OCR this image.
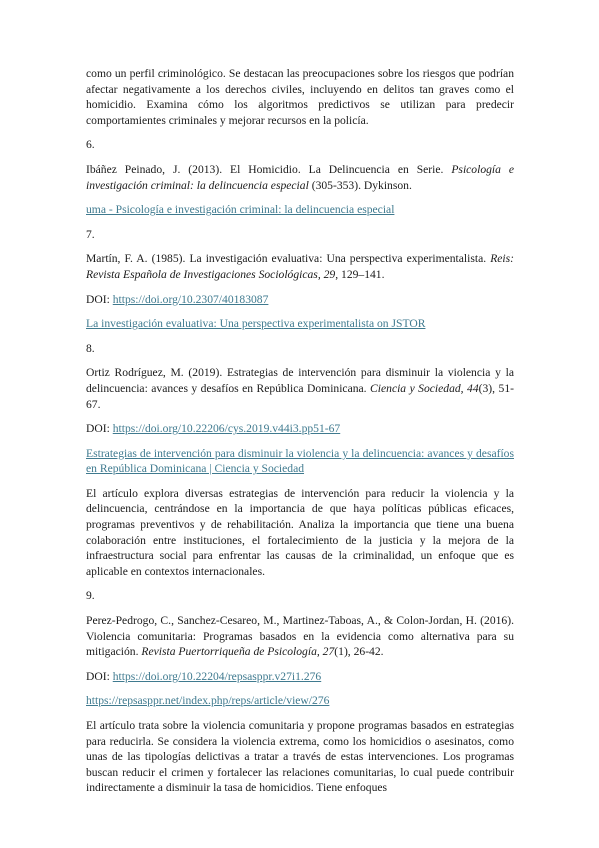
como un perfil criminológico. Se destacan las preocupaciones sobre los riesgos que podrían afectar negativamente a los derechos civiles, incluyendo en delitos tan graves como el homicidio. Examina cómo los algoritmos predictivos se utilizan para predecir comportamientes criminales y mejorar recursos en la policía.

6.

Ibáñez Peinado, J. (2013). El Homicidio. La Delincuencia en Serie. Psicología e investigación criminal: la delincuencia especial (305-353). Dykinson.

uma - Psicología e investigación criminal: la delincuencia especial

7.

Martín, F. A. (1985). La investigación evaluativa: Una perspectiva experimentalista. Reis: Revista Española de Investigaciones Sociológicas, 29, 129–141.

DOI: https://doi.org/10.2307/40183087

La investigación evaluativa: Una perspectiva experimentalista on JSTOR

8.

Ortiz Rodríguez, M. (2019). Estrategias de intervención para disminuir la violencia y la delincuencia: avances y desafíos en República Dominicana. Ciencia y Sociedad, 44(3), 51-67.

DOI: https://doi.org/10.22206/cys.2019.v44i3.pp51-67

Estrategias de intervención para disminuir la violencia y la delincuencia: avances y desafíos en República Dominicana | Ciencia y Sociedad

El artículo explora diversas estrategias de intervención para reducir la violencia y la delincuencia, centrándose en la importancia de que haya políticas públicas eficaces, programas preventivos y de rehabilitación. Analiza la importancia que tiene una buena colaboración entre instituciones, el fortalecimiento de la justicia y la mejora de la infraestructura social para enfrentar las causas de la criminalidad, un enfoque que es aplicable en contextos internacionales.

9.

Perez-Pedrogo, C., Sanchez-Cesareo, M., Martinez-Taboas, A., & Colon-Jordan, H. (2016). Violencia comunitaria: Programas basados en la evidencia como alternativa para su mitigación. Revista Puertorriqueña de Psicología, 27(1), 26-42.

DOI: https://doi.org/10.22204/repsasppr.v27i1.276

https://repsasppr.net/index.php/reps/article/view/276

El artículo trata sobre la violencia comunitaria y propone programas basados en estrategias para reducirla. Se considera la violencia extrema, como los homicidios o asesinatos, como unas de las tipologías delictivas a tratar a través de estas intervenciones. Los programas buscan reducir el crimen y fortalecer las relaciones comunitarias, lo cual puede contribuir indirectamente a disminuir la tasa de homicidios. Tiene enfoques
